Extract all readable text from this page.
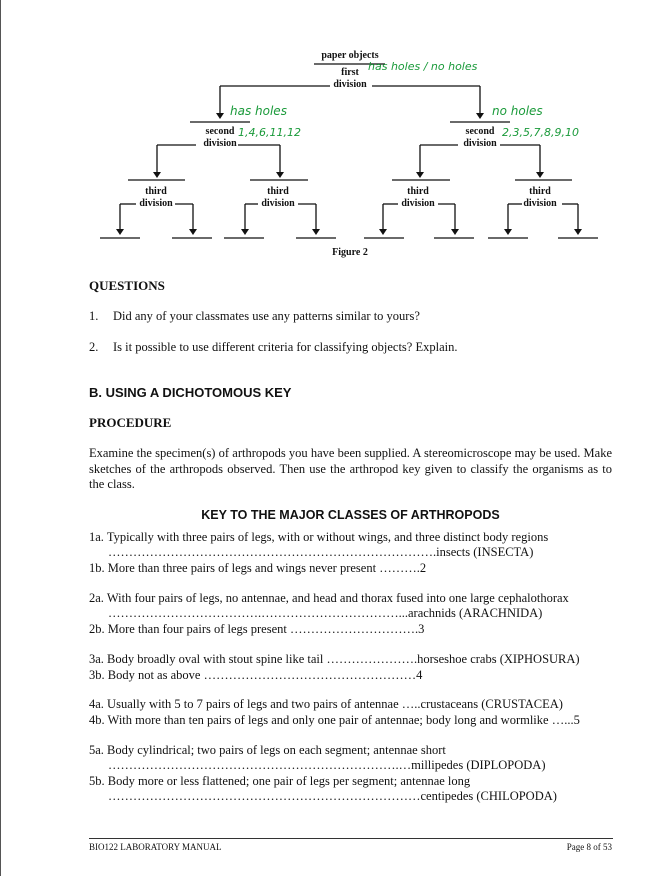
paper objects
first
division
second
division
second
division
third
division
third
division
third
division
third
division
has holes / no holes
has holes
1,4,6,11,12
no holes
2,3,5,7,8,9,10
Figure 2
QUESTIONS
1. Did any of your classmates use any patterns similar to yours?
2. Is it possible to use different criteria for classifying objects? Explain.
B. USING A DICHOTOMOUS KEY
PROCEDURE
Examine the specimen(s) of arthropods you have been supplied. A stereomicroscope may be used. Make sketches of the arthropods observed. Then use the arthropod key given to classify the organisms as to the class.
KEY TO THE MAJOR CLASSES OF ARTHROPODS
1a. Typically with three pairs of legs, with or without wings, and three distinct body regions
…………………………………………………………………….insects (INSECTA)
1b. More than three pairs of legs and wings never present ……….2
2a. With four pairs of legs, no antennae, and head and thorax fused into one large cephalothorax
……………………………….……………………………...arachnids (ARACHNIDA)
2b. More than four pairs of legs present ………………………….3
3a. Body broadly oval with stout spine like tail ………………….horseshoe crabs (XIPHOSURA)
3b. Body not as above ……………………………………………4
4a. Usually with 5 to 7 pairs of legs and two pairs of antennae …..crustaceans (CRUSTACEA)
4b. With more than ten pairs of legs and only one pair of antennae; body long and wormlike …...5
5a. Body cylindrical; two pairs of legs on each segment; antennae short
…………………………………………………………….…millipedes (DIPLOPODA)
5b. Body more or less flattened; one pair of legs per segment; antennae long
…………………………………………………………………centipedes (CHILOPODA)
BIO122 LABORATORY MANUAL	Page 8 of 53
